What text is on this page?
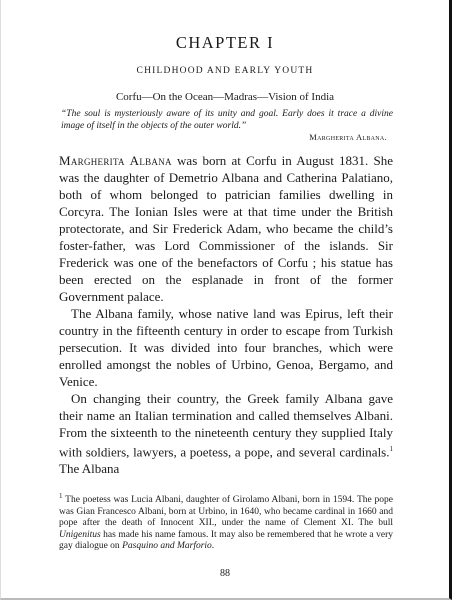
CHAPTER I
CHILDHOOD AND EARLY YOUTH
Corfu—On the Ocean—Madras—Vision of India
“The soul is mysteriously aware of its unity and goal. Early does it trace a divine image of itself in the objects of the outer world.”
Margherita Albana.

Margherita Albana was born at Corfu in August 1831. She was the daughter of Demetrio Albana and Catherina Palatiano, both of whom belonged to patrician families dwelling in Corcyra. The Ionian Isles were at that time under the British protectorate, and Sir Frederick Adam, who became the child’s foster-father, was Lord Commissioner of the islands. Sir Frederick was one of the benefactors of Corfu ; his statue has been erected on the esplanade in front of the former Government palace.

The Albana family, whose native land was Epirus, left their country in the fifteenth century in order to escape from Turkish persecution. It was divided into four branches, which were enrolled amongst the nobles of Urbino, Genoa, Bergamo, and Venice.

On changing their country, the Greek family Albana gave their name an Italian termination and called themselves Albani. From the sixteenth to the nineteenth century they supplied Italy with soldiers, lawyers, a poetess, a pope, and several cardinals.$^1$ The Albana

$^1$ The poetess was Lucia Albani, daughter of Girolamo Albani, born in 1594. The pope was Gian Francesco Albani, born at Urbino, in 1640, who became cardinal in 1660 and pope after the death of Innocent XII., under the name of Clement XI. The bull Unigenitus has made his name famous. It may also be remembered that he wrote a very gay dialogue on Pasquino and Marforio.
88
